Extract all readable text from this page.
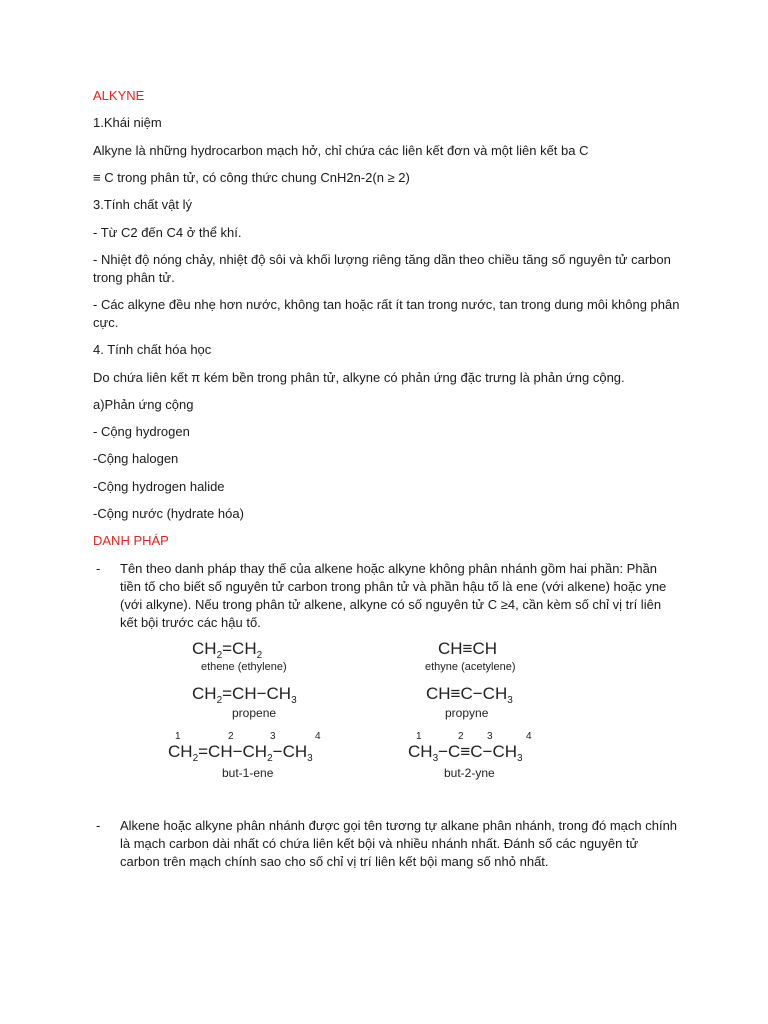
ALKYNE

1.Khái niệm

Alkyne là những hydrocarbon mạch hở, chỉ chứa các liên kết đơn và một liên kết ba C

≡ C trong phân tử, có công thức chung CnH2n-2(n ≥ 2)

3.Tính chất vật lý

- Từ C2 đến C4 ở thể khí.

- Nhiệt độ nóng chảy, nhiệt độ sôi và khối lượng riêng tăng dần theo chiều tăng số nguyên tử carbon trong phân tử.

- Các alkyne đều nhẹ hơn nước, không tan hoặc rất ít tan trong nước, tan trong dung môi không phân cực.

4. Tính chất hóa học

Do chứa liên kết π kém bền trong phân tử, alkyne có phản ứng đặc trưng là phản ứng cộng.

a)Phản ứng cộng

- Cộng hydrogen

-Cộng halogen

-Cộng hydrogen halide

-Cộng nước (hydrate hóa)

DANH PHÁP

- Tên theo danh pháp thay thế của alkene hoặc alkyne không phân nhánh gồm hai phần: Phần tiền tố cho biết số nguyên tử carbon trong phân tử và phần hậu tố là ene (với alkene) hoặc yne (với alkyne). Nếu trong phân tử alkene, alkyne có số nguyên tử C ≥4, cần kèm số chỉ vị trí liên kết bội trước các hậu tố.

$CH_2=CH_2$
ethene (ethylene)
CH≡CH
ethyne (acetylene)
$CH_2=CH-CH_3$
propene
$CH\equiv C-CH_3$
propyne
1	2	3	4
$CH_2=CH-CH_2-CH_3$
but-1-ene
1	2 3	4
$CH_3-C\equiv C-CH_3$
but-2-yne
- Alkene hoặc alkyne phân nhánh được gọi tên tương tự alkane phân nhánh, trong đó mạch chính là mạch carbon dài nhất có chứa liên kết bội và nhiều nhánh nhất. Đánh số các nguyên tử carbon trên mạch chính sao cho số chỉ vị trí liên kết bội mang số nhỏ nhất.
